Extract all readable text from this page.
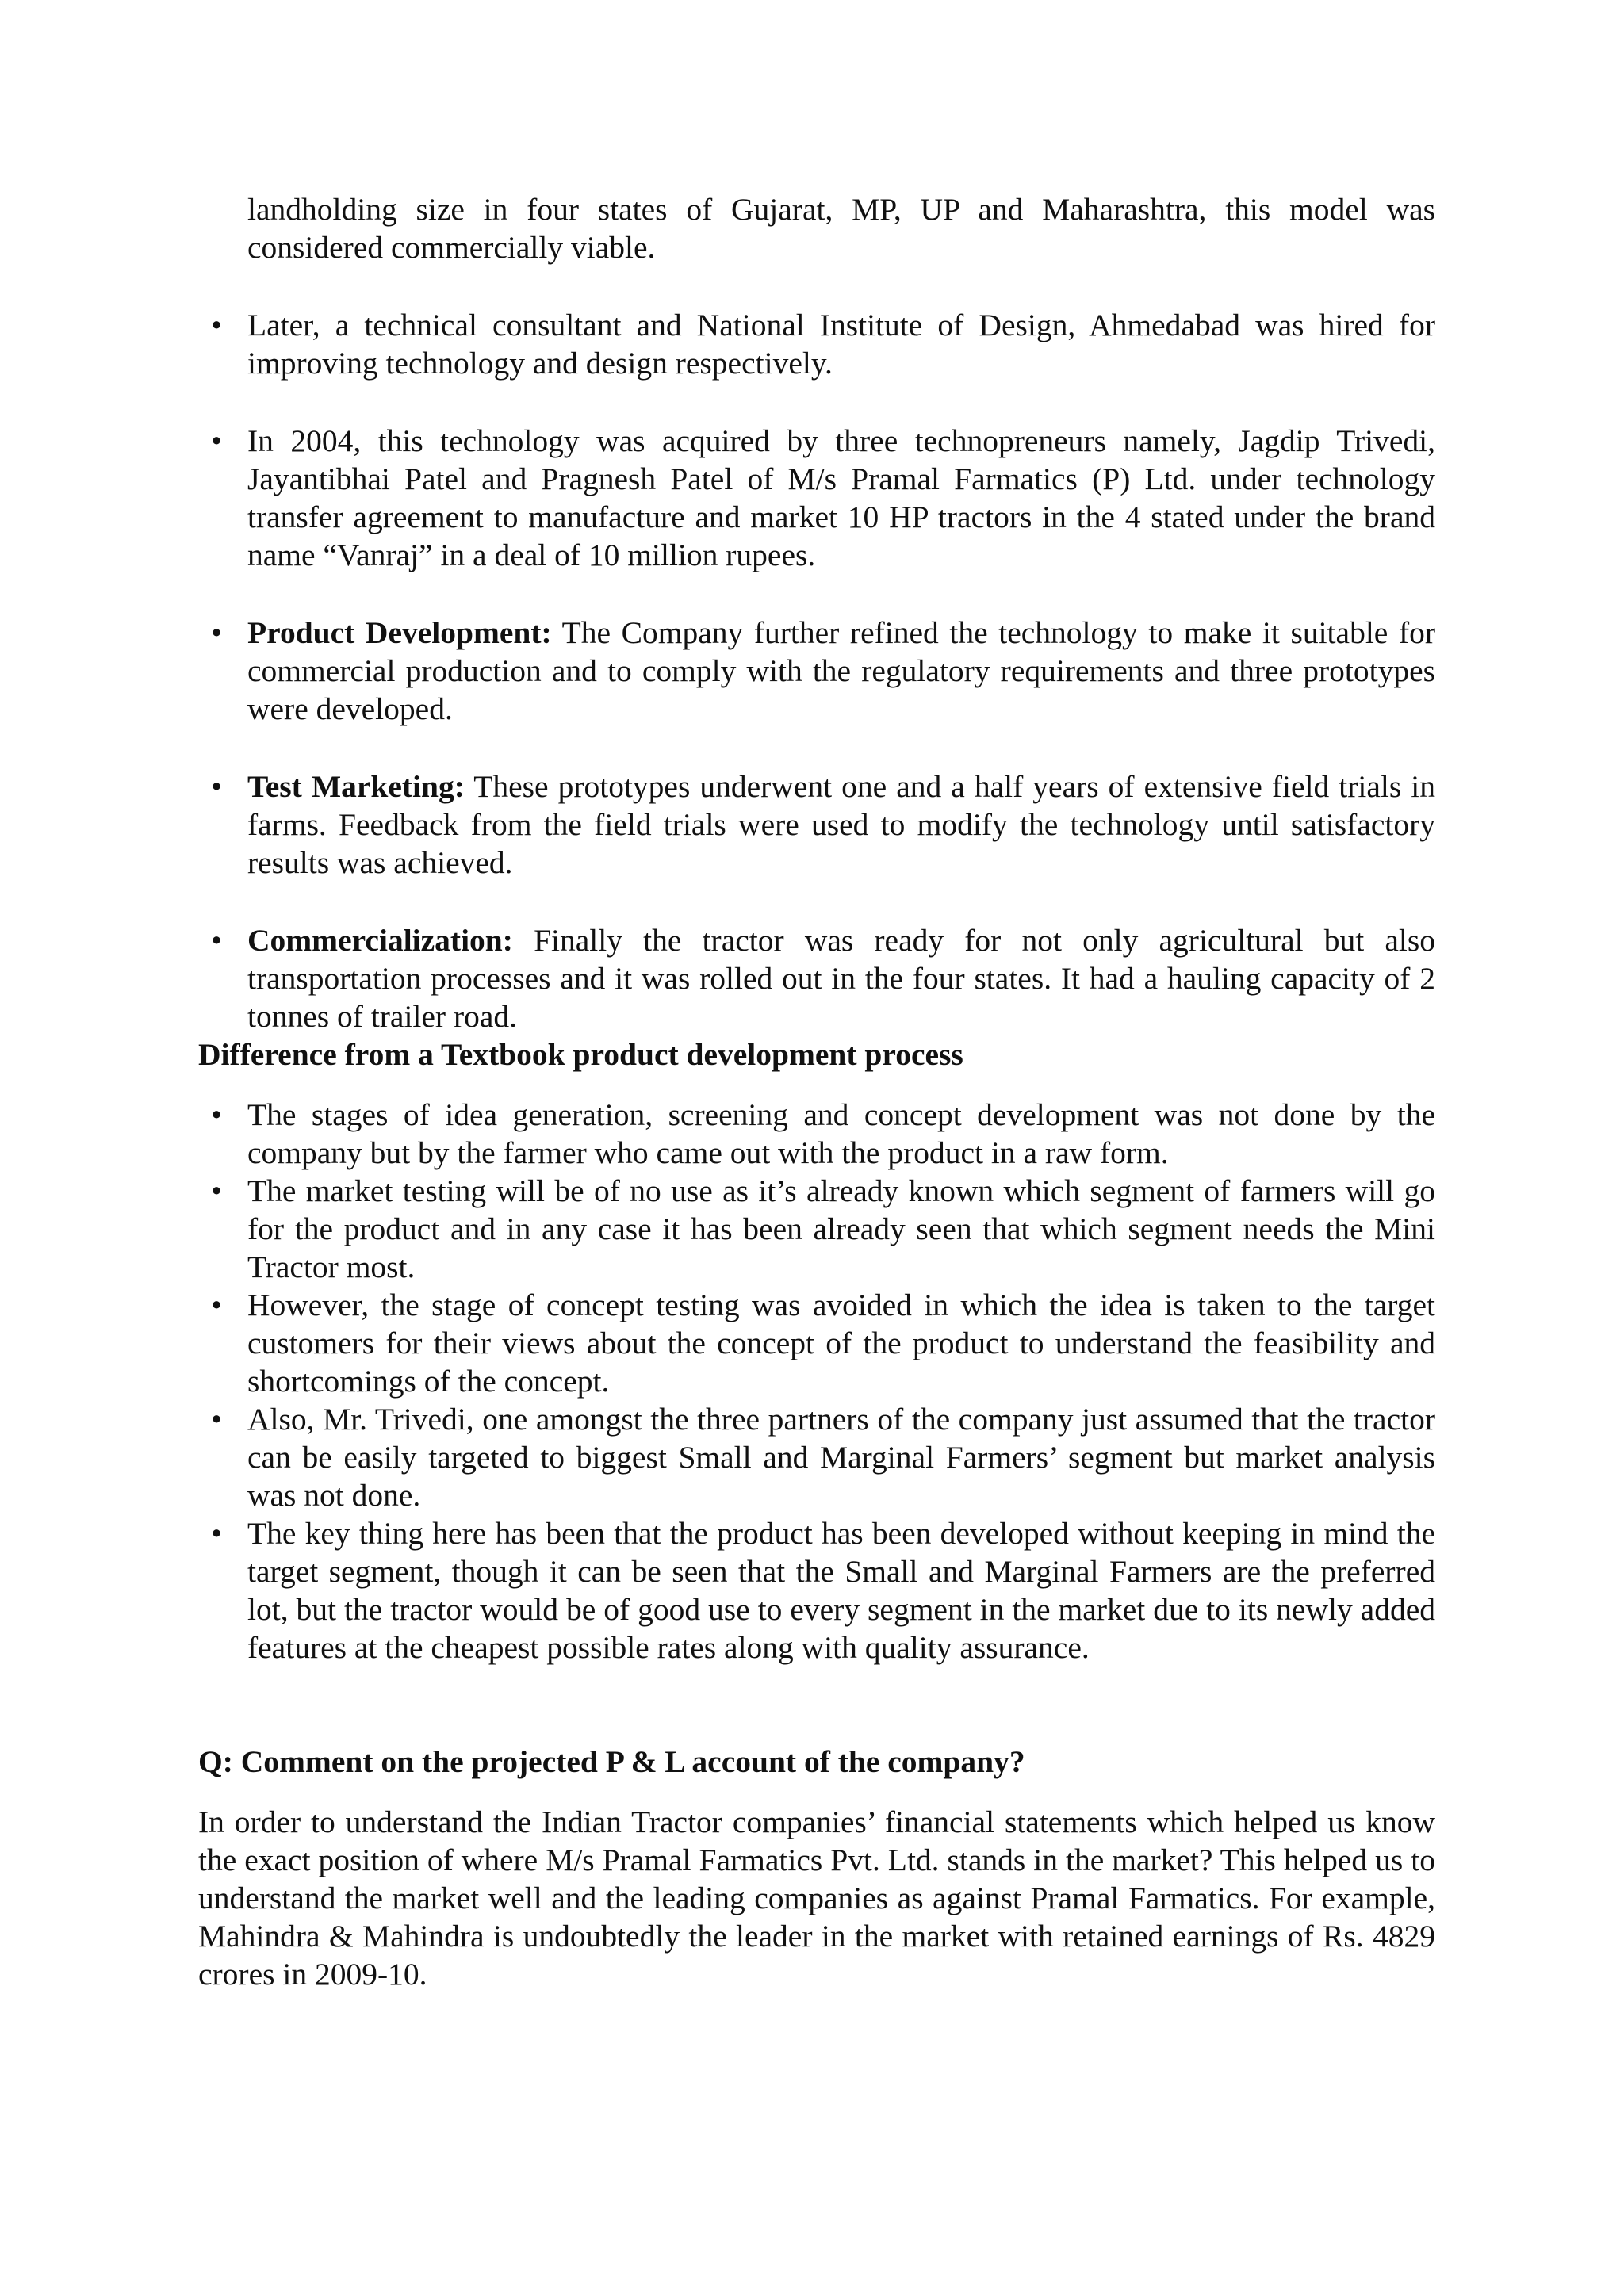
landholding size in four states of Gujarat, MP, UP and Maharashtra, this model was considered commercially viable.

• Later, a technical consultant and National Institute of Design, Ahmedabad was hired for improving technology and design respectively.
• In 2004, this technology was acquired by three technopreneurs namely, Jagdip Trivedi, Jayantibhai Patel and Pragnesh Patel of M/s Pramal Farmatics (P) Ltd. under technology transfer agreement to manufacture and market 10 HP tractors in the 4 stated under the brand name “Vanraj” in a deal of 10 million rupees.
• Product Development: The Company further refined the technology to make it suitable for commercial production and to comply with the regulatory requirements and three prototypes were developed.
• Test Marketing: These prototypes underwent one and a half years of extensive field trials in farms. Feedback from the field trials were used to modify the technology until satisfactory results was achieved.
• Commercialization: Finally the tractor was ready for not only agricultural but also transportation processes and it was rolled out in the four states. It had a hauling capacity of 2 tonnes of trailer road.

Difference from a Textbook product development process

• The stages of idea generation, screening and concept development was not done by the company but by the farmer who came out with the product in a raw form.
• The market testing will be of no use as it’s already known which segment of farmers will go for the product and in any case it has been already seen that which segment needs the Mini Tractor most.
• However, the stage of concept testing was avoided in which the idea is taken to the target customers for their views about the concept of the product to understand the feasibility and shortcomings of the concept.
• Also, Mr. Trivedi, one amongst the three partners of the company just assumed that the tractor can be easily targeted to biggest Small and Marginal Farmers’ segment but market analysis was not done.
• The key thing here has been that the product has been developed without keeping in mind the target segment, though it can be seen that the Small and Marginal Farmers are the preferred lot, but the tractor would be of good use to every segment in the market due to its newly added features at the cheapest possible rates along with quality assurance.

Q: Comment on the projected P & L account of the company?

In order to understand the Indian Tractor companies’ financial statements which helped us know the exact position of where M/s Pramal Farmatics Pvt. Ltd. stands in the market? This helped us to understand the market well and the leading companies as against Pramal Farmatics. For example, Mahindra & Mahindra is undoubtedly the leader in the market with retained earnings of Rs. 4829 crores in 2009-10.
